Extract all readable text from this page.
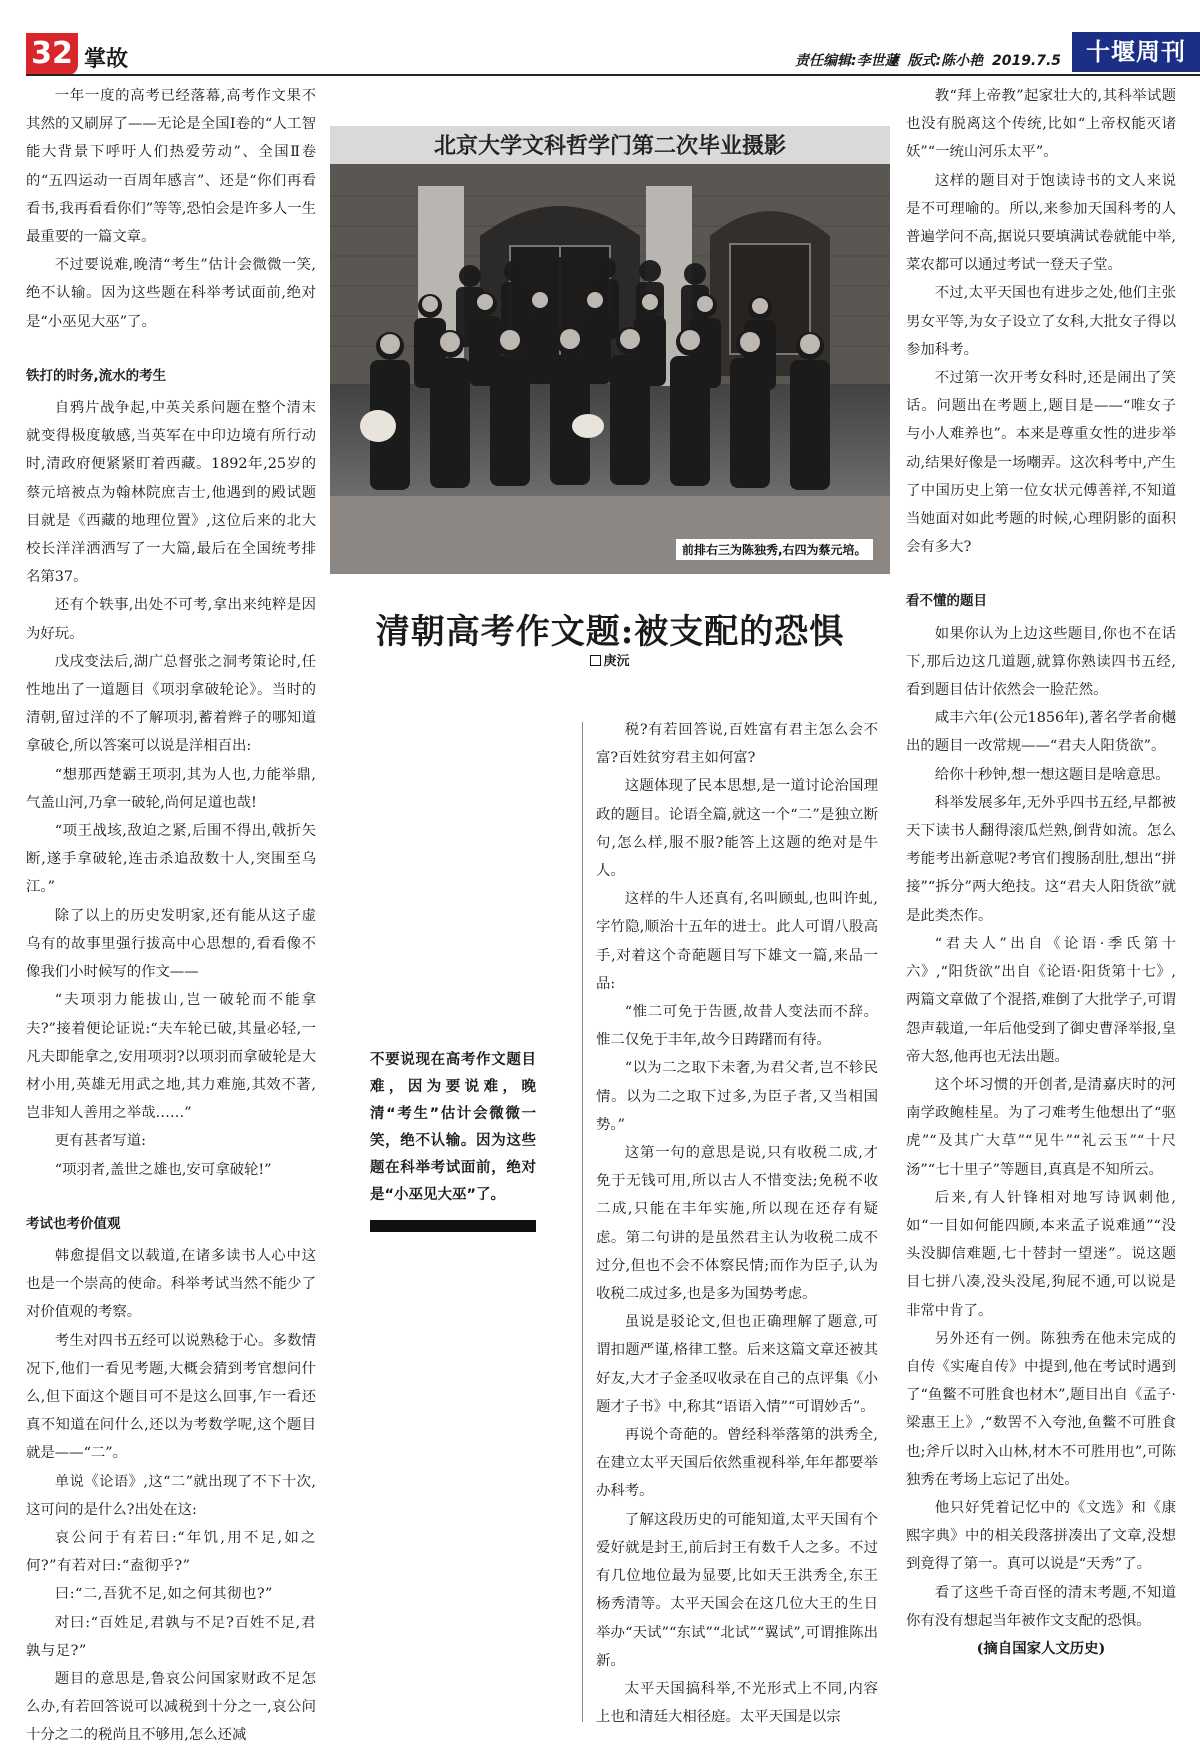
32 掌故	责任编辑:李世蘧 版式:陈小艳 2019.7.5	十堰周刊

一年一度的高考已经落幕,高考作文果不其然的又刷屏了——无论是全国Ⅰ卷的“人工智能大背景下呼吁人们热爱劳动”、全国Ⅱ卷的“五四运动一百周年感言”、还是“你们再看看书,我再看看你们”等等,恐怕会是许多人一生最重要的一篇文章。

不过要说难,晚清“考生”估计会微微一笑,绝不认输。因为这些题在科举考试面前,绝对是“小巫见大巫”了。

铁打的时务,流水的考生

自鸦片战争起,中英关系问题在整个清末就变得极度敏感,当英军在中印边境有所行动时,清政府便紧紧盯着西藏。1892年,25岁的蔡元培被点为翰林院庶吉士,他遇到的殿试题目就是《西藏的地理位置》,这位后来的北大校长洋洋洒洒写了一大篇,最后在全国统考排名第37。

还有个轶事,出处不可考,拿出来纯粹是因为好玩。

戊戌变法后,湖广总督张之洞考策论时,任性地出了一道题目《项羽拿破轮论》。当时的清朝,留过洋的不了解项羽,蓄着辫子的哪知道拿破仑,所以答案可以说是洋相百出:

“想那西楚霸王项羽,其为人也,力能举鼎,气盖山河,乃拿一破轮,尚何足道也哉!

“项王战垓,敌迫之紧,后围不得出,戟折矢断,遂手拿破轮,连击杀追敌数十人,突围至乌江。”

除了以上的历史发明家,还有能从这子虚乌有的故事里强行拔高中心思想的,看看像不像我们小时候写的作文——

“夫项羽力能拔山,岂一破轮而不能拿夫?”接着便论证说:“夫车轮已破,其量必轻,一凡夫即能拿之,安用项羽?以项羽而拿破轮是大材小用,英雄无用武之地,其力难施,其效不著,岂非知人善用之举哉……”

更有甚者写道:

“项羽者,盖世之雄也,安可拿破轮!”

考试也考价值观

韩愈提倡文以载道,在诸多读书人心中这也是一个崇高的使命。科举考试当然不能少了对价值观的考察。

考生对四书五经可以说熟稔于心。多数情况下,他们一看见考题,大概会猜到考官想问什么,但下面这个题目可不是这么回事,乍一看还真不知道在问什么,还以为考数学呢,这个题目就是——“二”。

单说《论语》,这“二”就出现了不下十次,这可问的是什么?出处在这:

哀公问于有若曰:“年饥,用不足,如之何?”有若对曰:“盍彻乎?”

曰:“二,吾犹不足,如之何其彻也?”

对曰:“百姓足,君孰与不足?百姓不足,君孰与足?”

题目的意思是,鲁哀公问国家财政不足怎么办,有若回答说可以减税到十分之一,哀公问十分之二的税尚且不够用,怎么还减

北京大学文科哲学门第二次毕业摄影
前排右三为陈独秀,右四为蔡元培。
清朝高考作文题:被支配的恐惧
庚沅
不要说现在高考作文题目难，因为要说难，晚清“考生”估计会微微一笑，绝不认输。因为这些题在科举考试面前，绝对是“小巫见大巫”了。

税?有若回答说,百姓富有君主怎么会不富?百姓贫穷君主如何富?

这题体现了民本思想,是一道讨论治国理政的题目。论语全篇,就这一个“二”是独立断句,怎么样,服不服?能答上这题的绝对是牛人。

这样的牛人还真有,名叫顾虬,也叫许虬,字竹隐,顺治十五年的进士。此人可谓八股高手,对着这个奇葩题目写下雄文一篇,来品一品:

“惟二可免于告匮,故昔人变法而不辞。惟二仅免于丰年,故今日踌躇而有待。

“以为二之取下未奢,为君父者,岂不轸民情。以为二之取下过多,为臣子者,又当相国势。”

这第一句的意思是说,只有收税二成,才免于无钱可用,所以古人不惜变法;免税不收二成,只能在丰年实施,所以现在还存有疑虑。第二句讲的是虽然君主认为收税二成不过分,但也不会不体察民情;而作为臣子,认为收税二成过多,也是多为国势考虑。

虽说是驳论文,但也正确理解了题意,可谓扣题严谨,格律工整。后来这篇文章还被其好友,大才子金圣叹收录在自己的点评集《小题才子书》中,称其“语语入情”“可谓妙舌”。

再说个奇葩的。曾经科举落第的洪秀全,在建立太平天国后依然重视科举,年年都要举办科考。

了解这段历史的可能知道,太平天国有个爱好就是封王,前后封王有数千人之多。不过有几位地位最为显要,比如天王洪秀全,东王杨秀清等。太平天国会在这几位大王的生日举办“天试”“东试”“北试”“翼试”,可谓推陈出新。

太平天国搞科举,不光形式上不同,内容上也和清廷大相径庭。太平天国是以宗

教“拜上帝教”起家壮大的,其科举试题也没有脱离这个传统,比如“上帝权能灭诸妖”“一统山河乐太平”。

这样的题目对于饱读诗书的文人来说是不可理喻的。所以,来参加天国科考的人普遍学问不高,据说只要填满试卷就能中举,菜农都可以通过考试一登天子堂。

不过,太平天国也有进步之处,他们主张男女平等,为女子设立了女科,大批女子得以参加科考。

不过第一次开考女科时,还是闹出了笑话。问题出在考题上,题目是——“唯女子与小人难养也”。本来是尊重女性的进步举动,结果好像是一场嘲弄。这次科考中,产生了中国历史上第一位女状元傅善祥,不知道当她面对如此考题的时候,心理阴影的面积会有多大?

看不懂的题目

如果你认为上边这些题目,你也不在话下,那后边这几道题,就算你熟读四书五经,看到题目估计依然会一脸茫然。

咸丰六年(公元1856年),著名学者俞樾出的题目一改常规——“君夫人阳货欲”。

给你十秒钟,想一想这题目是啥意思。

科举发展多年,无外乎四书五经,早都被天下读书人翻得滚瓜烂熟,倒背如流。怎么考能考出新意呢?考官们搜肠刮肚,想出“拼接”“拆分”两大绝技。这“君夫人阳货欲”就是此类杰作。

“君夫人”出自《论语·季氏第十六》,“阳货欲”出自《论语·阳货第十七》,两篇文章做了个混搭,难倒了大批学子,可谓怨声载道,一年后他受到了御史曹泽举报,皇帝大怒,他再也无法出题。

这个坏习惯的开创者,是清嘉庆时的河南学政鲍桂星。为了刁难考生他想出了“驱虎”“及其广大草”“见牛”“礼云玉”“十尺汤”“七十里子”等题目,真真是不知所云。

后来,有人针锋相对地写诗讽刺他,如“一目如何能四顾,本来孟子说难通”“没头没脚信难题,七十替封一望迷”。说这题目七拼八凑,没头没尾,狗屁不通,可以说是非常中肯了。

另外还有一例。陈独秀在他未完成的自传《实庵自传》中提到,他在考试时遇到了“鱼鳖不可胜食也材木”,题目出自《孟子·梁惠王上》,“数罟不入夸池,鱼鳖不可胜食也;斧斤以时入山林,材木不可胜用也”,可陈独秀在考场上忘记了出处。

他只好凭着记忆中的《文选》和《康熙字典》中的相关段落拼凑出了文章,没想到竟得了第一。真可以说是“天秀”了。

看了这些千奇百怪的清末考题,不知道你有没有想起当年被作文支配的恐惧。

(摘自国家人文历史)
